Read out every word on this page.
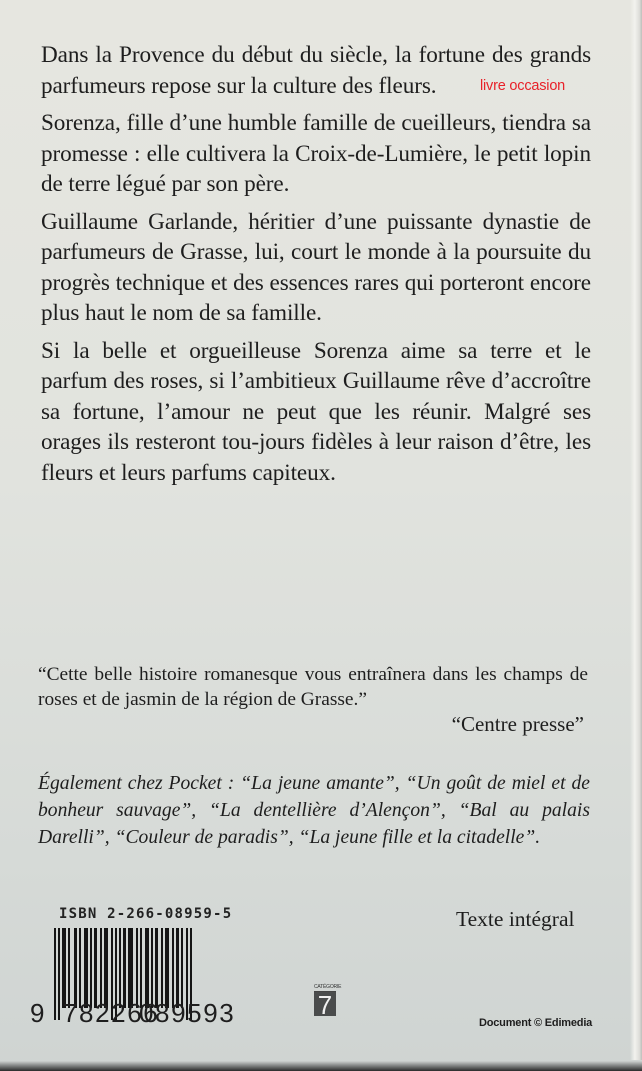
Dans la Provence du début du siècle, la fortune des grands parfumeurs repose sur la culture des fleurs.

Sorenza, fille d’une humble famille de cueilleurs, tiendra sa promesse : elle cultivera la Croix-de-Lumière, le petit lopin de terre légué par son père.

Guillaume Garlande, héritier d’une puissante dynastie de parfumeurs de Grasse, lui, court le monde à la poursuite du progrès technique et des essences rares qui porteront encore plus haut le nom de sa famille.

Si la belle et orgueilleuse Sorenza aime sa terre et le parfum des roses, si l’ambitieux Guillaume rêve d’accroître sa fortune, l’amour ne peut que les réunir. Malgré ses orages ils resteront tou-jours fidèles à leur raison d’être, les fleurs et leurs parfums capiteux.

livre occasion
“Cette belle histoire romanesque vous entraînera dans les champs de roses et de jasmin de la région de Grasse.”
“Centre presse”
Également chez Pocket : “La jeune amante”, “Un goût de miel et de bonheur sauvage”, “La dentellière d’Alençon”, “Bal au palais Darelli”, “Couleur de paradis”, “La jeune fille et la citadelle”.
ISBN 2-266-08959-5
9 782266
089593
CATÉGORIE
7
Texte intégral
Document © Edimedia
